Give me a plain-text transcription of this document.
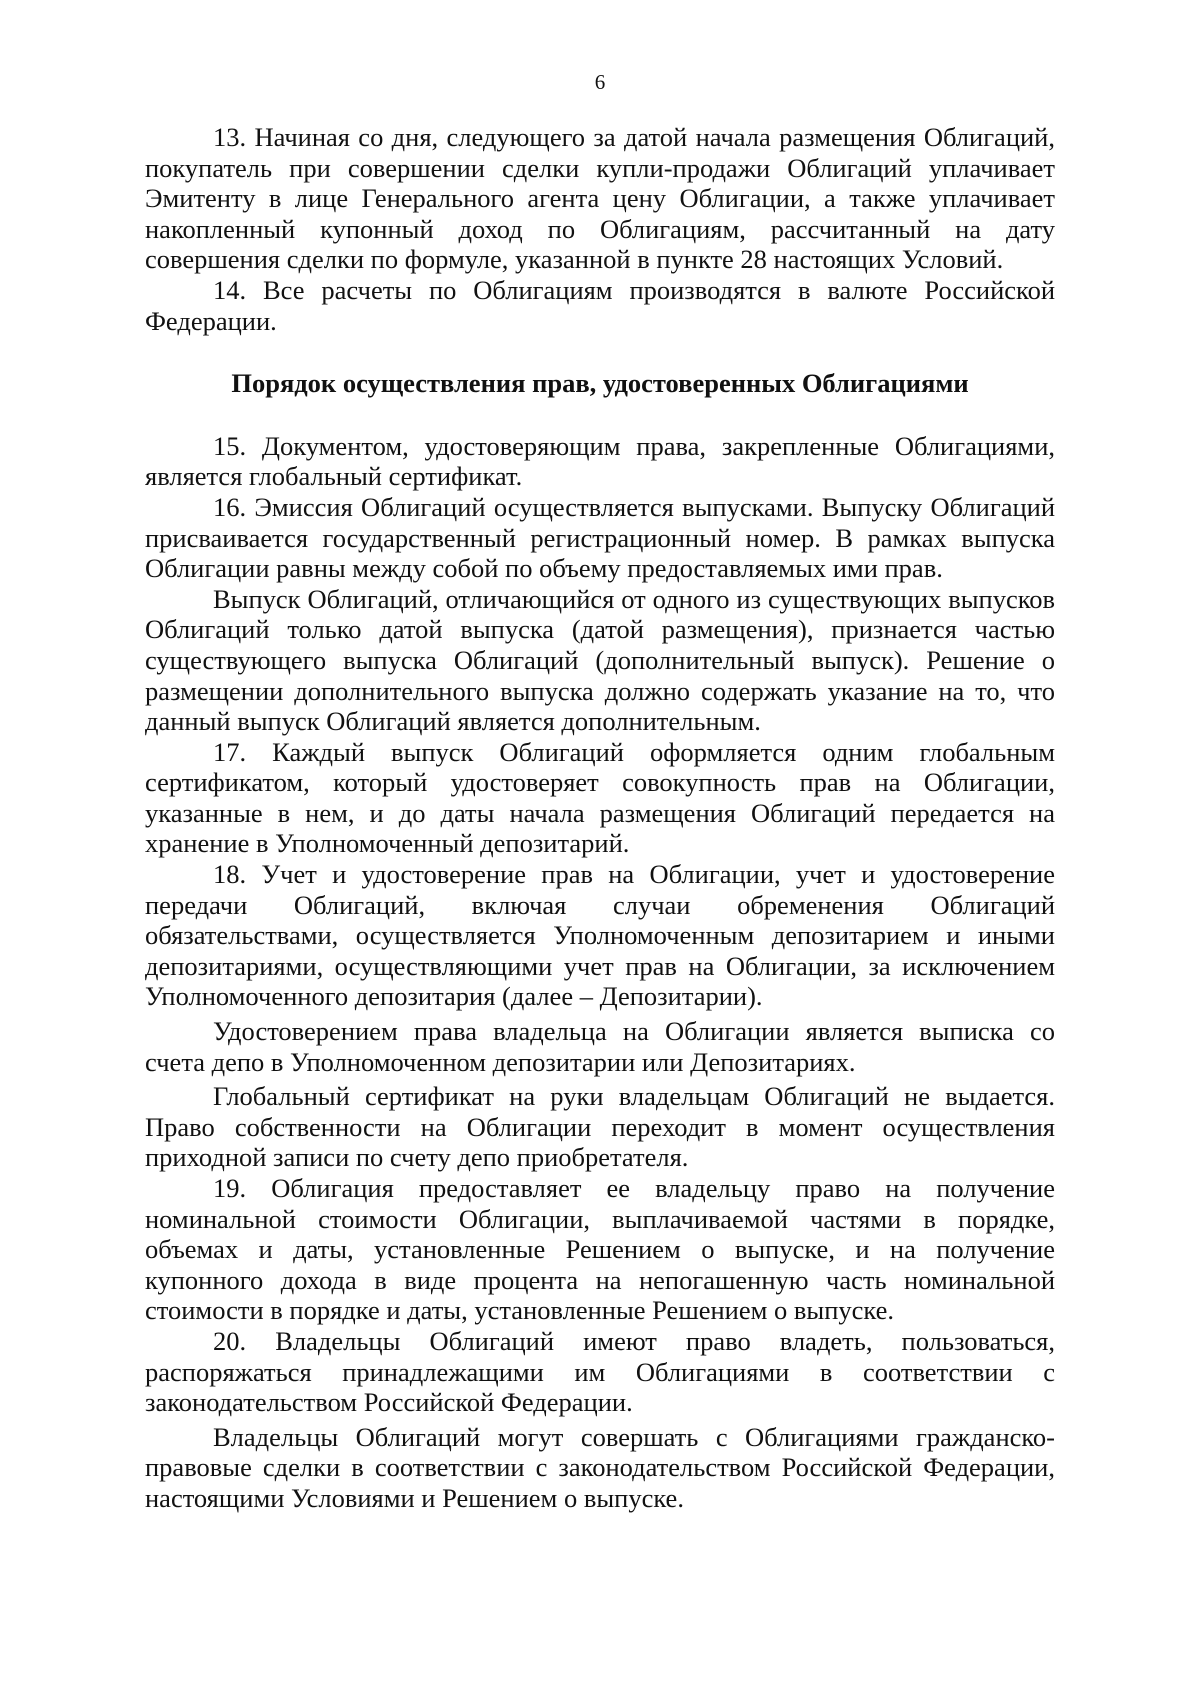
6

13. Начиная со дня, следующего за датой начала размещения Облигаций, покупатель при совершении сделки купли-продажи Облигаций уплачивает Эмитенту в лице Генерального агента цену Облигации, а также уплачивает накопленный купонный доход по Облигациям, рассчитанный на дату совершения сделки по формуле, указанной в пункте 28 настоящих Условий.

14. Все расчеты по Облигациям производятся в валюте Российской Федерации.

Порядок осуществления прав, удостоверенных Облигациями

15. Документом, удостоверяющим права, закрепленные Облигациями, является глобальный сертификат.

16. Эмиссия Облигаций осуществляется выпусками. Выпуску Облигаций присваивается государственный регистрационный номер. В рамках выпуска Облигации равны между собой по объему предоставляемых ими прав.

Выпуск Облигаций, отличающийся от одного из существующих выпусков Облигаций только датой выпуска (датой размещения), признается частью существующего выпуска Облигаций (дополнительный выпуск). Решение о размещении дополнительного выпуска должно содержать указание на то, что данный выпуск Облигаций является дополнительным.

17. Каждый выпуск Облигаций оформляется одним глобальным сертификатом, который удостоверяет совокупность прав на Облигации, указанные в нем, и до даты начала размещения Облигаций передается на хранение в Уполномоченный депозитарий.

18. Учет и удостоверение прав на Облигации, учет и удостоверение передачи Облигаций, включая случаи обременения Облигаций обязательствами, осуществляется Уполномоченным депозитарием и иными депозитариями, осуществляющими учет прав на Облигации, за исключением Уполномоченного депозитария (далее – Депозитарии).

Удостоверением права владельца на Облигации является выписка со счета депо в Уполномоченном депозитарии или Депозитариях.

Глобальный сертификат на руки владельцам Облигаций не выдается. Право собственности на Облигации переходит в момент осуществления приходной записи по счету депо приобретателя.

19. Облигация предоставляет ее владельцу право на получение номинальной стоимости Облигации, выплачиваемой частями в порядке, объемах и даты, установленные Решением о выпуске, и на получение купонного дохода в виде процента на непогашенную часть номинальной стоимости в порядке и даты, установленные Решением о выпуске.

20. Владельцы Облигаций имеют право владеть, пользоваться, распоряжаться принадлежащими им Облигациями в соответствии с законодательством Российской Федерации.

Владельцы Облигаций могут совершать с Облигациями гражданско-правовые сделки в соответствии с законодательством Российской Федерации, настоящими Условиями и Решением о выпуске.
